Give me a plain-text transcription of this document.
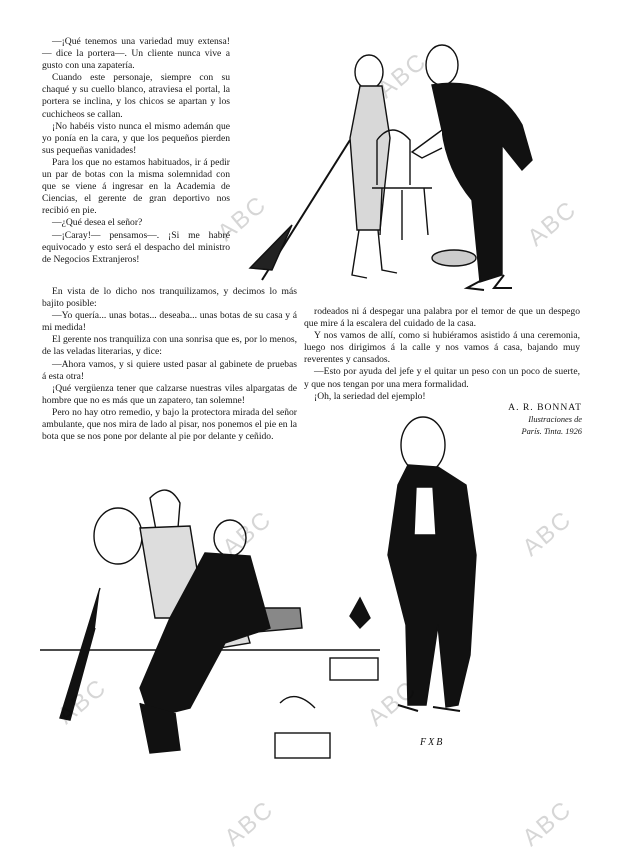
—¡Qué tenemos una variedad muy extensa!— dice la portera—. Un cliente nunca vive a gusto con una zapatería.

Cuando este personaje, siempre con su chaqué y su cuello blanco, atraviesa el portal, la portera se inclina, y los chicos se apartan y los cuchicheos se callan.

¡No habéis visto nunca el mismo ademán que yo ponía en la cara, y que los pequeños pierden sus pequeñas vanidades!

Para los que no estamos habituados, ir á pedir un par de botas con la misma solemnidad con que se viene á ingresar en la Academia de Ciencias, el gerente de gran deportivo nos recibió en pie.

—¿Qué desea el señor?

—¡Caray!— pensamos—. ¡Si me habré equivocado y esto será el despacho del ministro de Negocios Extranjeros!

En vista de lo dicho nos tranquilizamos, y decimos lo más bajito posible:

—Yo quería... unas botas... deseaba... unas botas de su casa y á mi medida!

El gerente nos tranquiliza con una sonrisa que es, por lo menos, de las veladas literarias, y dice:

—Ahora vamos, y si quiere usted pasar al gabinete de pruebas á esta otra!

¡Qué vergüenza tener que calzarse nuestras viles alpargatas de hombre que no es más que un zapatero, tan solemne!

Pero no hay otro remedio, y bajo la protectora mirada del señor ambulante, que nos mira de lado al pisar, nos ponemos el pie en la bota que se nos pone por delante al pie por delante y ceñido.

rodeados ni á despegar una palabra por el temor de que un despego que mire á la escalera del cuidado de la casa.

Y nos vamos de allí, como si hubiéramos asistido á una ceremonia, luego nos dirigimos á la calle y nos vamos á casa, bajando muy reverentes y cansados.

—Esto por ayuda del jefe y el quitar un peso con un poco de suerte, y que nos tengan por una mera formalidad.

¡Oh, la seriedad del ejemplo!

A. R. BONNAT
Ilustraciones de
París. Tinta. 1926
FXB
ABC
ABC	ABC
ABC	ABC
ABC	ABC
ABC	ABC
